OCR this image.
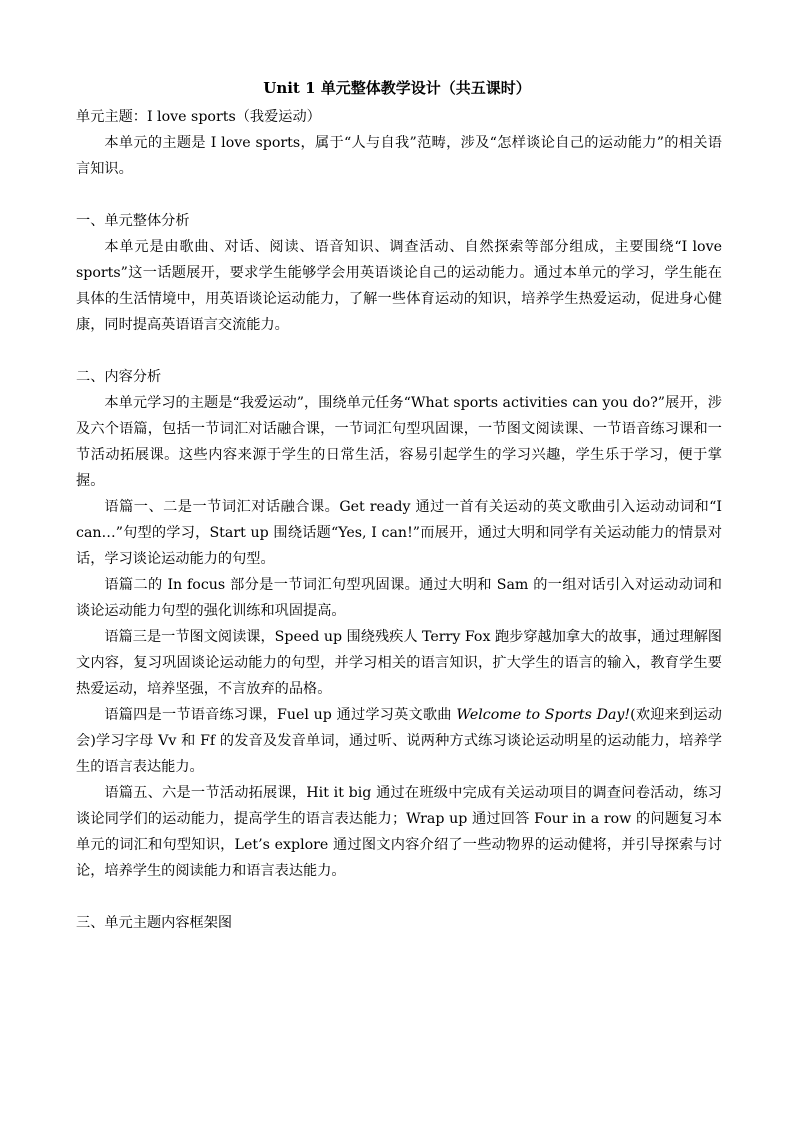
Unit 1 单元整体教学设计（共五课时）

单元主题：I love sports（我爱运动）

本单元的主题是 I love sports，属于“人与自我”范畴，涉及“怎样谈论自己的运动能力”的相关语言知识。

一、单元整体分析

本单元是由歌曲、对话、阅读、语音知识、调查活动、自然探索等部分组成，主要围绕“I love sports”这一话题展开，要求学生能够学会用英语谈论自己的运动能力。通过本单元的学习，学生能在具体的生活情境中，用英语谈论运动能力，了解一些体育运动的知识，培养学生热爱运动，促进身心健康，同时提高英语语言交流能力。

二、内容分析

本单元学习的主题是“我爱运动”，围绕单元任务“What sports activities can you do?”展开，涉及六个语篇，包括一节词汇对话融合课，一节词汇句型巩固课，一节图文阅读课、一节语音练习课和一节活动拓展课。这些内容来源于学生的日常生活，容易引起学生的学习兴趣，学生乐于学习，便于掌握。

语篇一、二是一节词汇对话融合课。Get ready 通过一首有关运动的英文歌曲引入运动动词和“I can…”句型的学习，Start up 围绕话题“Yes, I can!”而展开，通过大明和同学有关运动能力的情景对话，学习谈论运动能力的句型。

语篇二的 In focus 部分是一节词汇句型巩固课。通过大明和 Sam 的一组对话引入对运动动词和谈论运动能力句型的强化训练和巩固提高。

语篇三是一节图文阅读课，Speed up 围绕残疾人 Terry Fox 跑步穿越加拿大的故事，通过理解图文内容，复习巩固谈论运动能力的句型，并学习相关的语言知识，扩大学生的语言的输入，教育学生要热爱运动，培养坚强，不言放弃的品格。

语篇四是一节语音练习课，Fuel up 通过学习英文歌曲 Welcome to Sports Day!(欢迎来到运动会)学习字母 Vv 和 Ff 的发音及发音单词，通过听、说两种方式练习谈论运动明星的运动能力，培养学生的语言表达能力。

语篇五、六是一节活动拓展课，Hit it big 通过在班级中完成有关运动项目的调查问卷活动，练习谈论同学们的运动能力，提高学生的语言表达能力；Wrap up 通过回答 Four in a row 的问题复习本单元的词汇和句型知识，Let’s explore 通过图文内容介绍了一些动物界的运动健将，并引导探索与讨论，培养学生的阅读能力和语言表达能力。

三、单元主题内容框架图
